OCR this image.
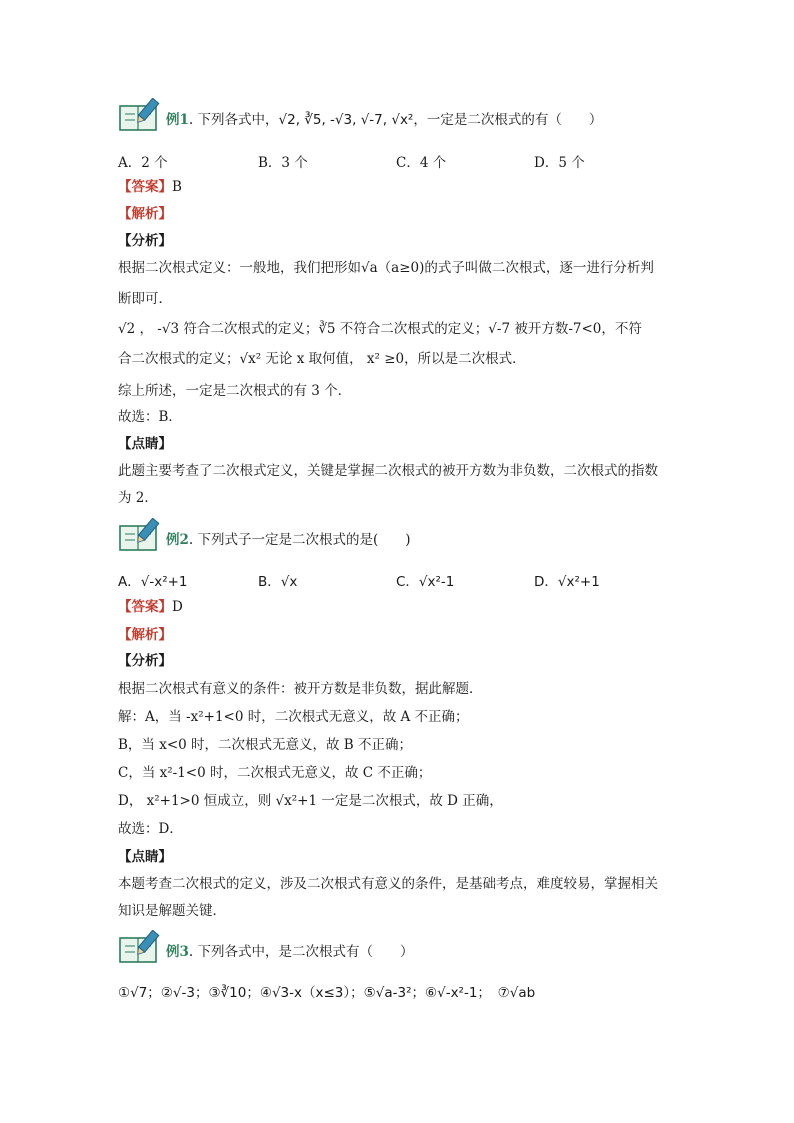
例1. 下列各式中，√2, ∛5, -√3, √-7, √x²，一定是二次根式的有（　　）
A．2 个	B．3 个	C．4 个	D．5 个
【答案】B
【解析】
【分析】
根据二次根式定义：一般地，我们把形如√a（a≥0)的式子叫做二次根式，逐一进行分析判
断即可．
√2 ， -√3 符合二次根式的定义；∛5 不符合二次根式的定义；√-7 被开方数-7<0，不符
合二次根式的定义；√x² 无论 x 取何值， x² ≥0，所以是二次根式．
综上所述，一定是二次根式的有 3 个．
故选：B．
【点睛】
此题主要考查了二次根式定义，关键是掌握二次根式的被开方数为非负数，二次根式的指数
为 2．
例2. 下列式子一定是二次根式的是(　　)
A．√-x²+1	B．√x	C．√x²-1	D．√x²+1
【答案】D
【解析】
【分析】
根据二次根式有意义的条件：被开方数是非负数，据此解题．
解：A，当 -x²+1<0 时，二次根式无意义，故 A 不正确；
B，当 x<0 时，二次根式无意义，故 B 不正确；
C，当 x²-1<0 时，二次根式无意义，故 C 不正确；
D， x²+1>0 恒成立，则 √x²+1 一定是二次根式，故 D 正确，
故选：D．
【点睛】
本题考查二次根式的定义，涉及二次根式有意义的条件，是基础考点，难度较易，掌握相关
知识是解题关键．
例3. 下列各式中，是二次根式有（　　）
①√7；②√-3；③∛10；④√3-x（x≤3）；⑤√a-3²；⑥√-x²-1；　⑦√ab
